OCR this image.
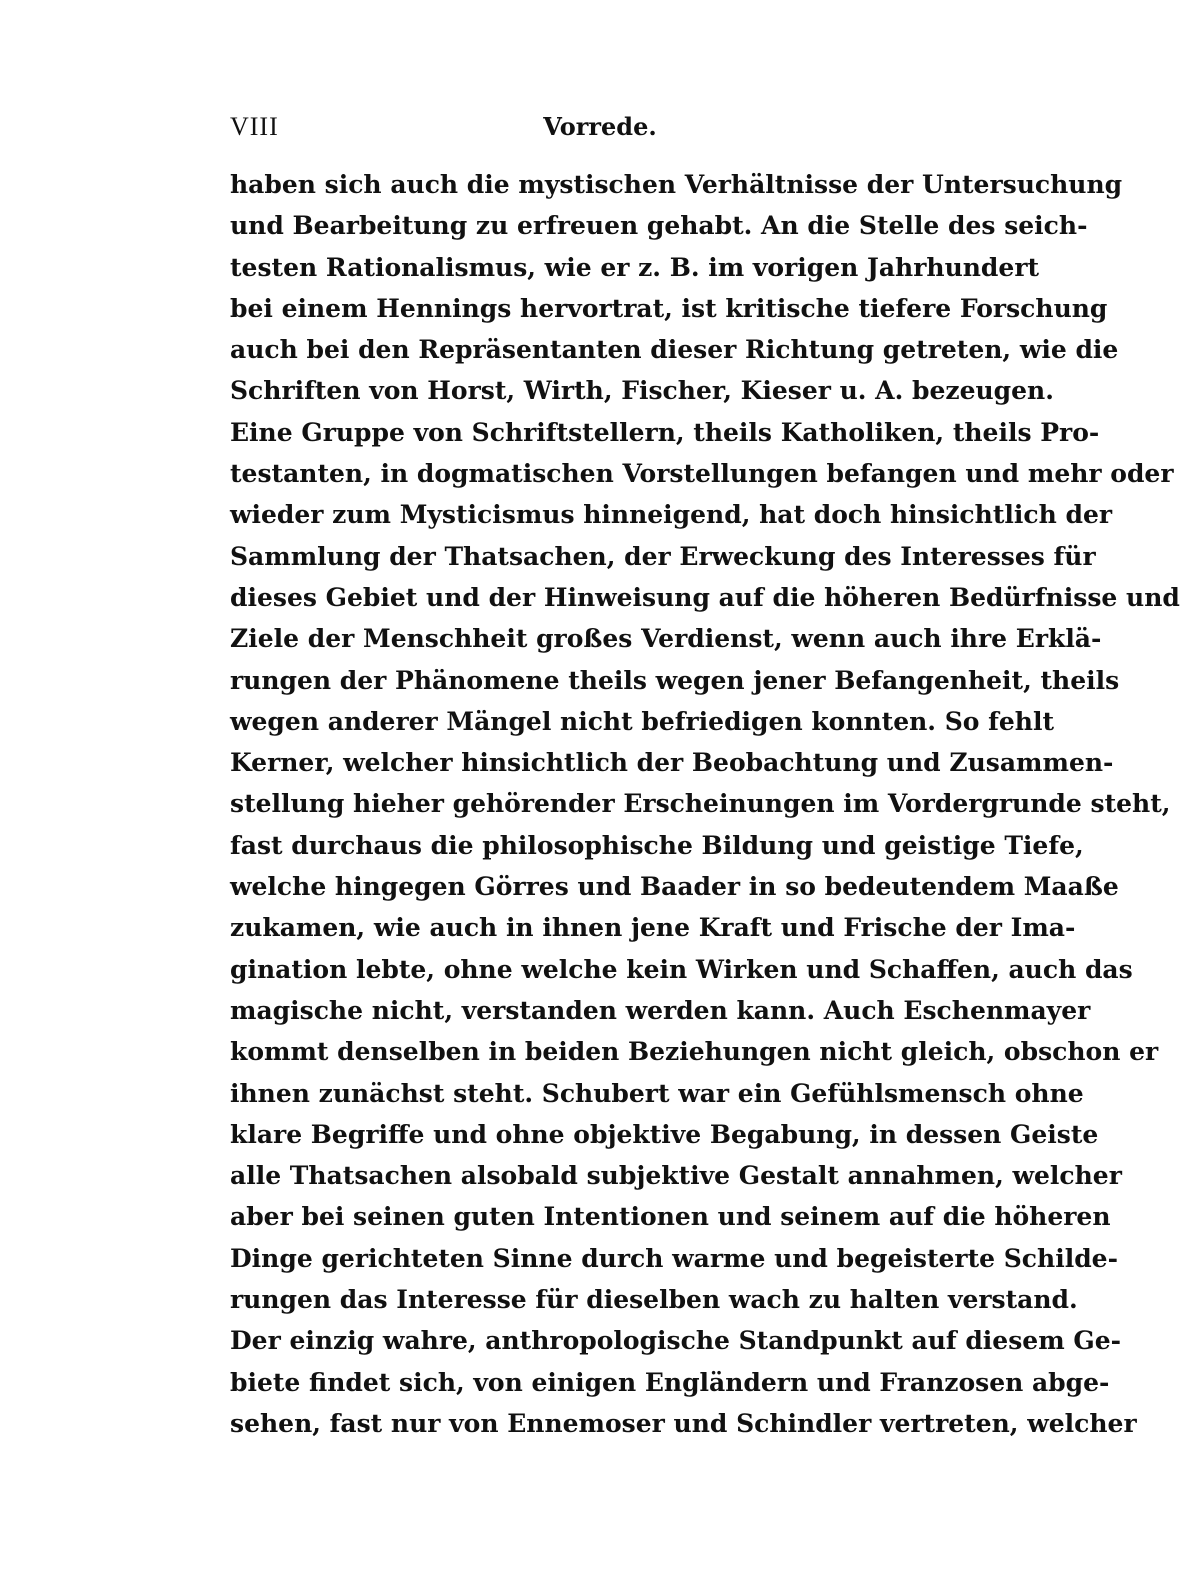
VIII	Vorrede.
haben sich auch die mystischen Verhältnisse der Untersuchung
und Bearbeitung zu erfreuen gehabt. An die Stelle des seich-
testen Rationalismus, wie er z. B. im vorigen Jahrhundert
bei einem Hennings hervortrat, ist kritische tiefere Forschung
auch bei den Repräsentanten dieser Richtung getreten, wie die
Schriften von Horst, Wirth, Fischer, Kieser u. A. bezeugen.
Eine Gruppe von Schriftstellern, theils Katholiken, theils Pro-
testanten, in dogmatischen Vorstellungen befangen und mehr oder
wieder zum Mysticismus hinneigend, hat doch hinsichtlich der
Sammlung der Thatsachen, der Erweckung des Interesses für
dieses Gebiet und der Hinweisung auf die höheren Bedürfnisse und
Ziele der Menschheit großes Verdienst, wenn auch ihre Erklä-
rungen der Phänomene theils wegen jener Befangenheit, theils
wegen anderer Mängel nicht befriedigen konnten. So fehlt
Kerner, welcher hinsichtlich der Beobachtung und Zusammen-
stellung hieher gehörender Erscheinungen im Vordergrunde steht,
fast durchaus die philosophische Bildung und geistige Tiefe,
welche hingegen Görres und Baader in so bedeutendem Maaße
zukamen, wie auch in ihnen jene Kraft und Frische der Ima-
gination lebte, ohne welche kein Wirken und Schaffen, auch das
magische nicht, verstanden werden kann. Auch Eschenmayer
kommt denselben in beiden Beziehungen nicht gleich, obschon er
ihnen zunächst steht. Schubert war ein Gefühlsmensch ohne
klare Begriffe und ohne objektive Begabung, in dessen Geiste
alle Thatsachen alsobald subjektive Gestalt annahmen, welcher
aber bei seinen guten Intentionen und seinem auf die höheren
Dinge gerichteten Sinne durch warme und begeisterte Schilde-
rungen das Interesse für dieselben wach zu halten verstand.
Der einzig wahre, anthropologische Standpunkt auf diesem Ge-
biete findet sich, von einigen Engländern und Franzosen abge-
sehen, fast nur von Ennemoser und Schindler vertreten, welcher
